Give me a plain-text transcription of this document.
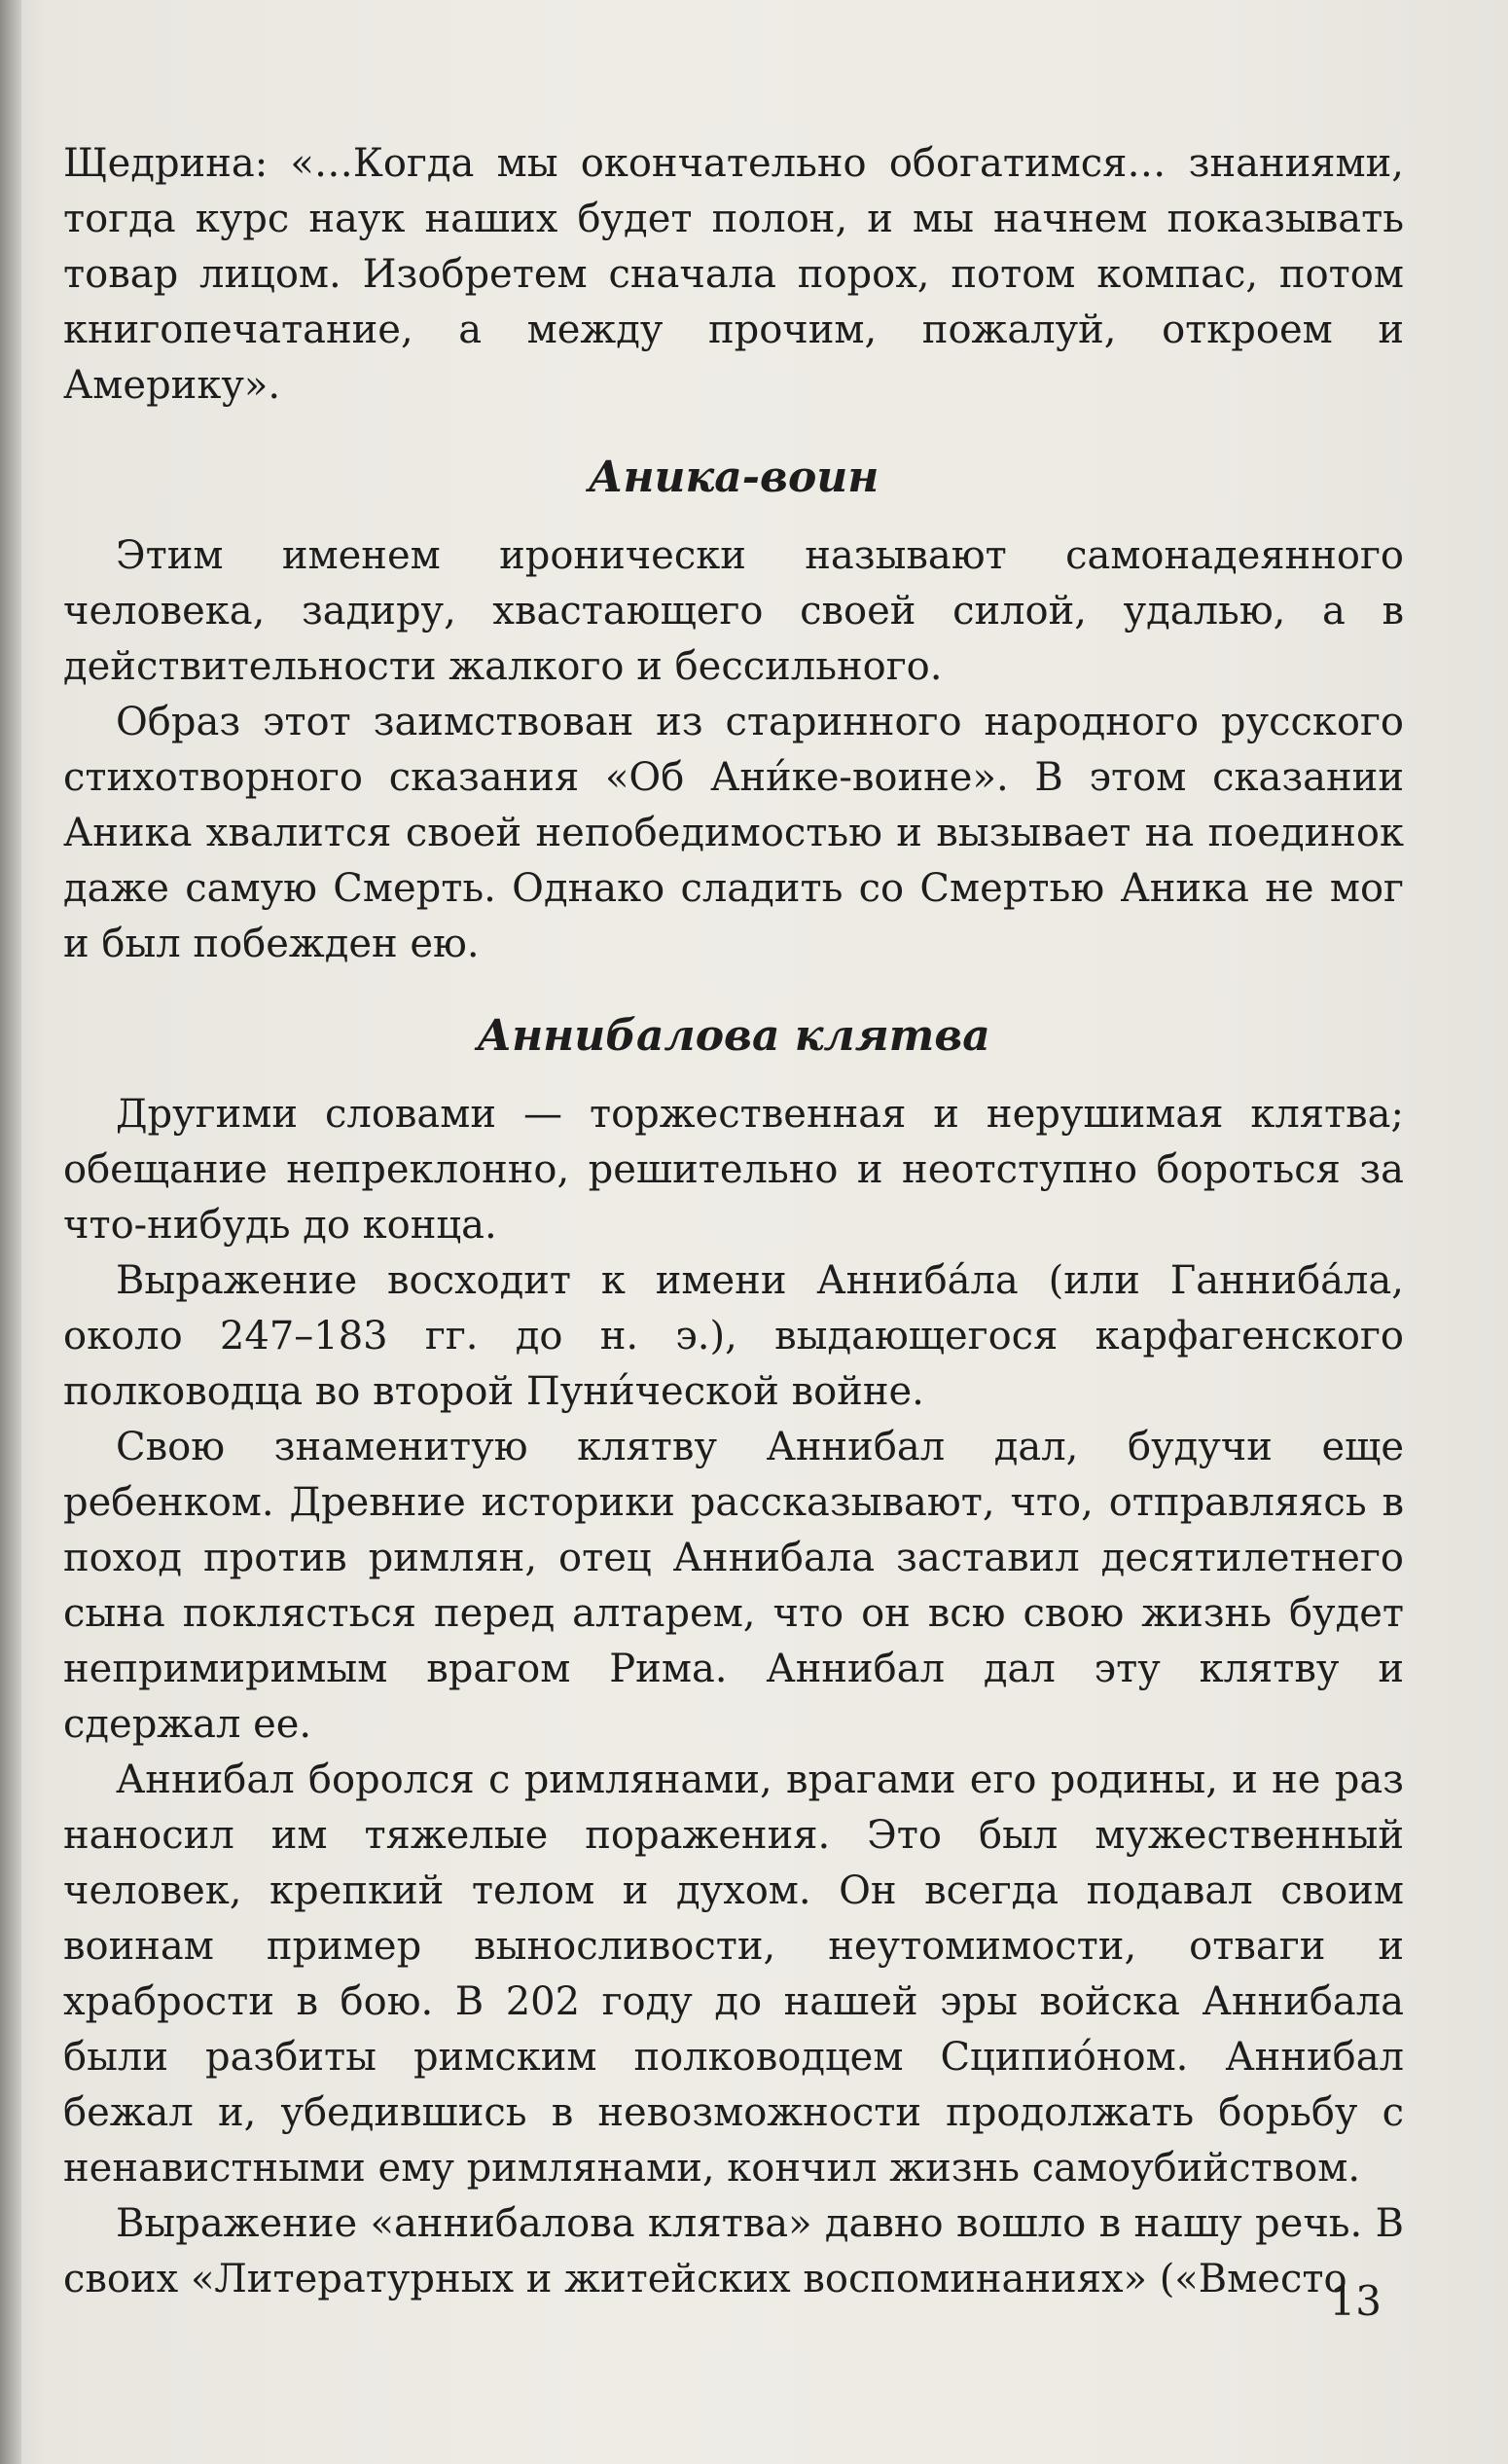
Щедрина: «…Когда мы окончательно обогатимся… знаниями, тогда курс наук наших будет полон, и мы начнем показывать товар лицом. Изобретем сначала порох, потом компас, потом книгопечатание, а между прочим, пожалуй, откроем и Америку».

Аника-воин

Этим именем иронически называют самонадеянного человека, задиру, хвастающего своей силой, удалью, а в действительности жалкого и бессильного.

Образ этот заимствован из старинного народного русского стихотворного сказания «Об Ани́ке-воине». В этом сказании Аника хвалится своей непобедимостью и вызывает на поединок даже самую Смерть. Однако сладить со Смертью Аника не мог и был побежден ею.

Аннибалова клятва

Другими словами — торжественная и нерушимая клятва; обещание непреклонно, решительно и неотступно бороться за что-нибудь до конца.

Выражение восходит к имени Аннибáла (или Ганнибáла, около 247–183 гг. до н. э.), выдающегося карфагенского полководца во второй Пуни́ческой войне.

Свою знаменитую клятву Аннибал дал, будучи еще ребенком. Древние историки рассказывают, что, отправляясь в поход против римлян, отец Аннибала заставил десятилетнего сына поклясться перед алтарем, что он всю свою жизнь будет непримиримым врагом Рима. Аннибал дал эту клятву и сдержал ее.

Аннибал боролся с римлянами, врагами его родины, и не раз наносил им тяжелые поражения. Это был мужественный человек, крепкий телом и духом. Он всегда подавал своим воинам пример выносливости, неутомимости, отваги и храбрости в бою. В 202 году до нашей эры войска Аннибала были разбиты римским полководцем Сципио́ном. Аннибал бежал и, убедившись в невозможности продолжать борьбу с ненавистными ему римлянами, кончил жизнь самоубийством.

Выражение «аннибалова клятва» давно вошло в нашу речь. В своих «Литературных и житейских воспоминаниях» («Вместо

13
